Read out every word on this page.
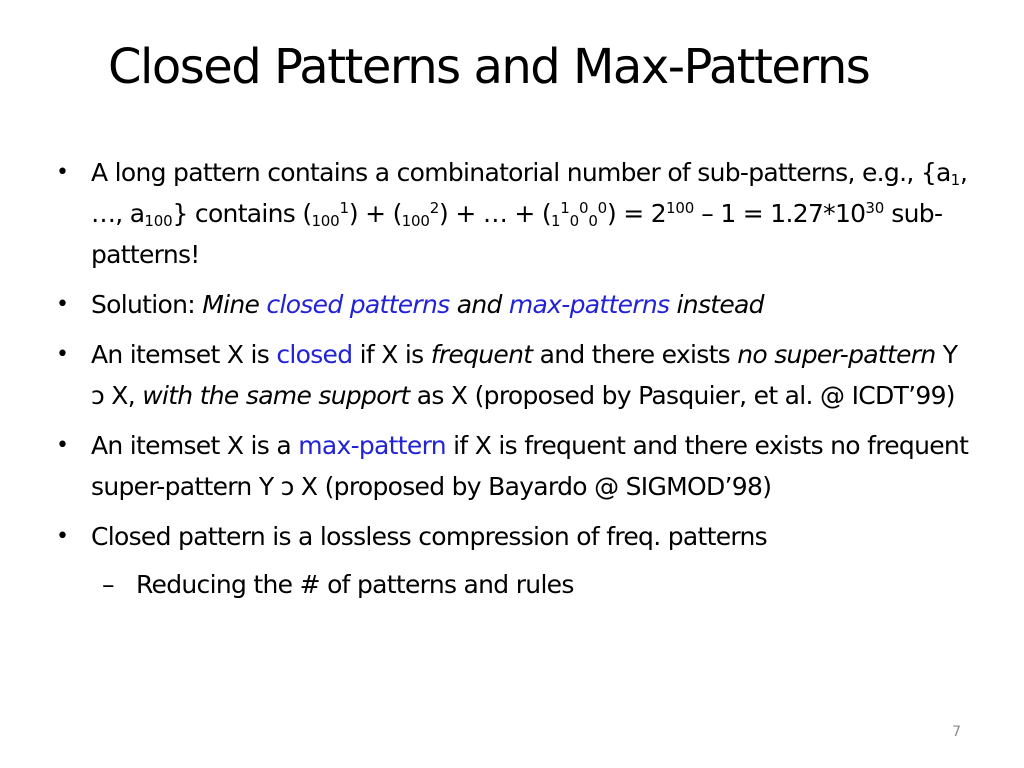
Closed Patterns and Max-Patterns
• A long pattern contains a combinatorial number of sub-patterns, e.g., {$a_1$, …, $a_{100}$} contains $(_{100}^1) + (_{100}^2)$ + … + $(_1^1_0^0_0^0) = 2^{100} - 1 = 1.27*10^{30}$ sub-patterns!
• Solution: Mine closed patterns and max-patterns instead
• An itemset X is closed if X is frequent and there exists no super-pattern Y ɔ X, with the same support as X (proposed by Pasquier, et al. @ ICDT’99)
• An itemset X is a max-pattern if X is frequent and there exists no frequent super-pattern Y ɔ X (proposed by Bayardo @ SIGMOD’98)
• Closed pattern is a lossless compression of freq. patterns
– Reducing the # of patterns and rules
7
